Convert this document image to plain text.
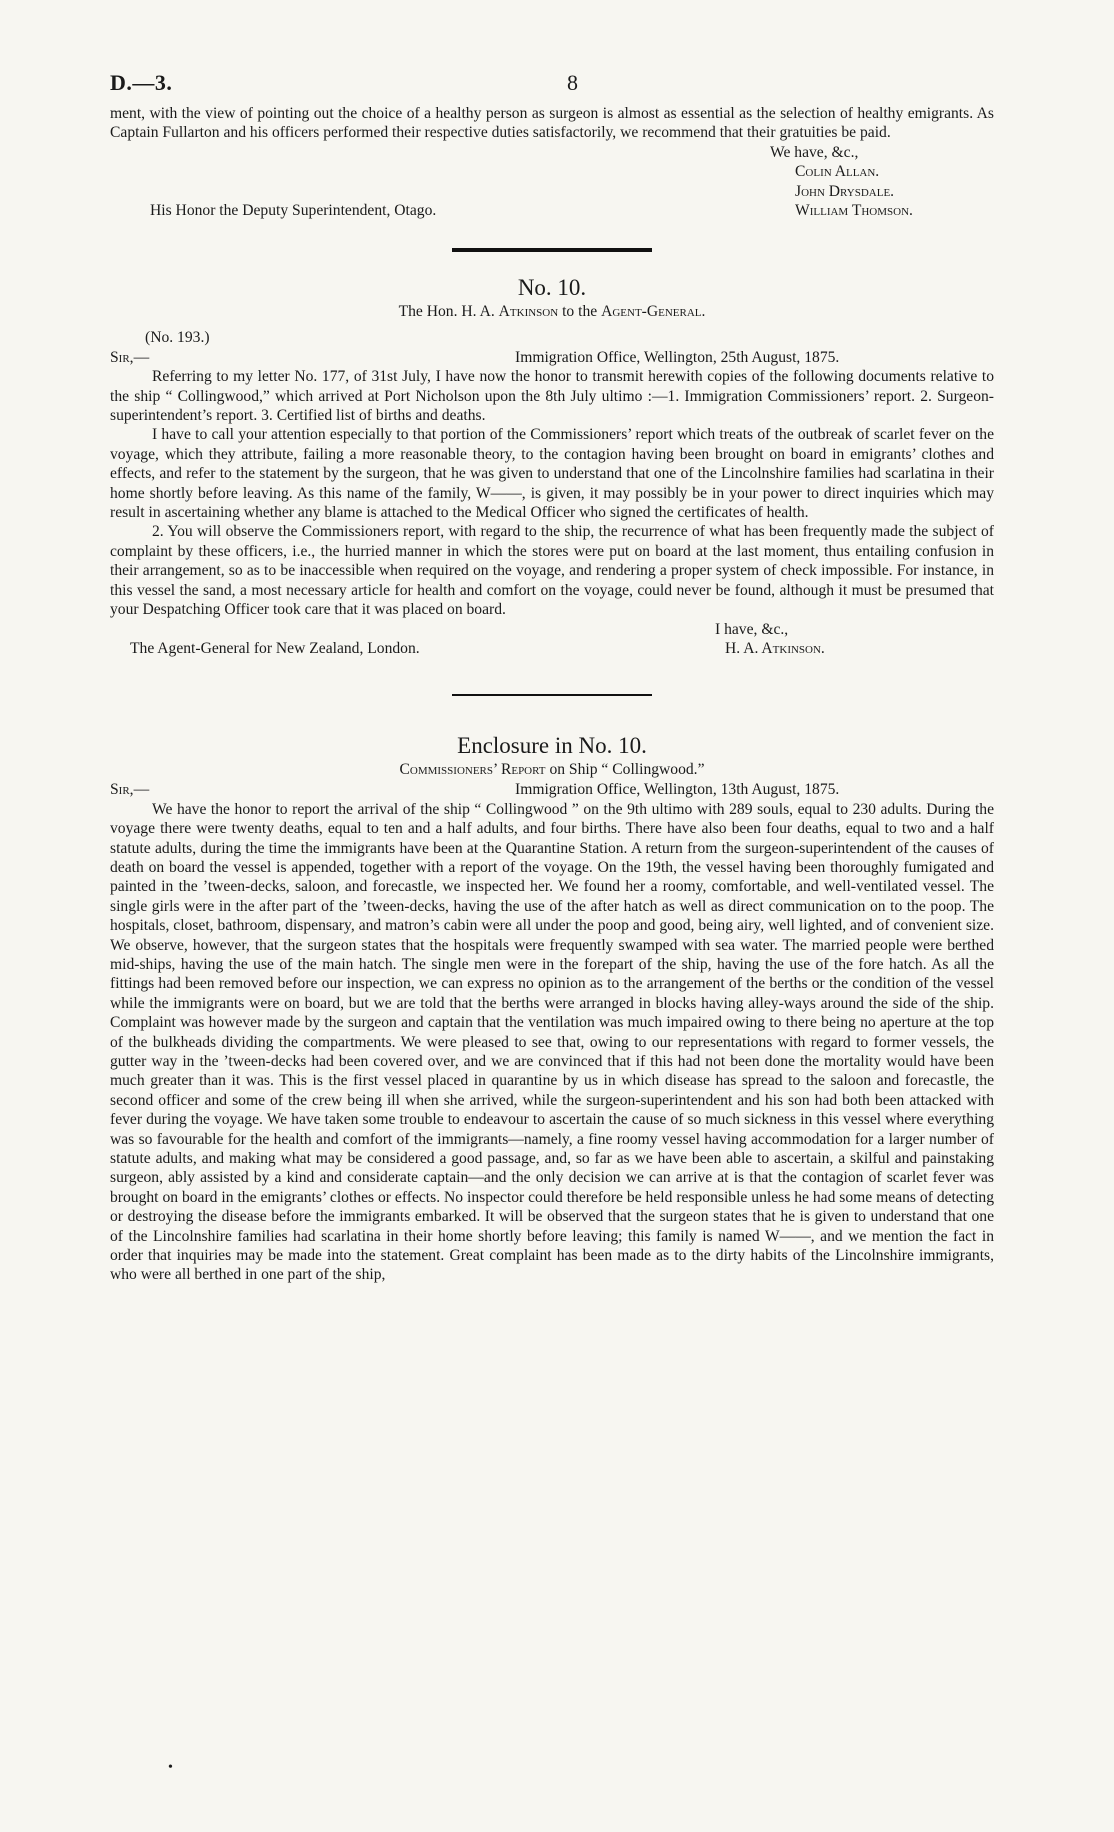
D.—3.	8

ment, with the view of pointing out the choice of a healthy person as surgeon is almost as essential as the selection of healthy emigrants. As Captain Fullarton and his officers performed their respective duties satisfactorily, we recommend that their gratuities be paid.

We have, &c.,
Colin Allan.
John Drysdale.
His Honor the Deputy Superintendent, Otago.	William Thomson.
No. 10.
The Hon. H. A. Atkinson to the Agent-General.
(No. 193.)
Sir,—	Immigration Office, Wellington, 25th August, 1875.

Referring to my letter No. 177, of 31st July, I have now the honor to transmit herewith copies of the following documents relative to the ship “ Collingwood,” which arrived at Port Nicholson upon the 8th July ultimo :—1. Immigration Commissioners’ report. 2. Surgeon-superintendent’s report. 3. Certified list of births and deaths.

I have to call your attention especially to that portion of the Commissioners’ report which treats of the outbreak of scarlet fever on the voyage, which they attribute, failing a more reasonable theory, to the contagion having been brought on board in emigrants’ clothes and effects, and refer to the statement by the surgeon, that he was given to understand that one of the Lincolnshire families had scarlatina in their home shortly before leaving. As this name of the family, W——, is given, it may possibly be in your power to direct inquiries which may result in ascertaining whether any blame is attached to the Medical Officer who signed the certificates of health.

2. You will observe the Commissioners report, with regard to the ship, the recurrence of what has been frequently made the subject of complaint by these officers, i.e., the hurried manner in which the stores were put on board at the last moment, thus entailing confusion in their arrangement, so as to be inaccessible when required on the voyage, and rendering a proper system of check impossible. For instance, in this vessel the sand, a most necessary article for health and comfort on the voyage, could never be found, although it must be presumed that your Despatching Officer took care that it was placed on board.

I have, &c.,
The Agent-General for New Zealand, London.	H. A. Atkinson.
Enclosure in No. 10.
Commissioners’ Report on Ship “ Collingwood.”
Sir,—	Immigration Office, Wellington, 13th August, 1875.

We have the honor to report the arrival of the ship “ Collingwood ” on the 9th ultimo with 289 souls, equal to 230 adults. During the voyage there were twenty deaths, equal to ten and a half adults, and four births. There have also been four deaths, equal to two and a half statute adults, during the time the immigrants have been at the Quarantine Station. A return from the surgeon-superintendent of the causes of death on board the vessel is appended, together with a report of the voyage. On the 19th, the vessel having been thoroughly fumigated and painted in the ’tween-decks, saloon, and forecastle, we inspected her. We found her a roomy, comfortable, and well-ventilated vessel. The single girls were in the after part of the ’tween-decks, having the use of the after hatch as well as direct communication on to the poop. The hospitals, closet, bathroom, dispensary, and matron’s cabin were all under the poop and good, being airy, well lighted, and of convenient size. We observe, however, that the surgeon states that the hospitals were frequently swamped with sea water. The married people were berthed mid-ships, having the use of the main hatch. The single men were in the forepart of the ship, having the use of the fore hatch. As all the fittings had been removed before our inspection, we can express no opinion as to the arrangement of the berths or the condition of the vessel while the immigrants were on board, but we are told that the berths were arranged in blocks having alley-ways around the side of the ship. Complaint was however made by the surgeon and captain that the ventilation was much impaired owing to there being no aperture at the top of the bulkheads dividing the compartments. We were pleased to see that, owing to our representations with regard to former vessels, the gutter way in the ’tween-decks had been covered over, and we are convinced that if this had not been done the mortality would have been much greater than it was. This is the first vessel placed in quarantine by us in which disease has spread to the saloon and forecastle, the second officer and some of the crew being ill when she arrived, while the surgeon-superintendent and his son had both been attacked with fever during the voyage. We have taken some trouble to endeavour to ascertain the cause of so much sickness in this vessel where everything was so favourable for the health and comfort of the immigrants—namely, a fine roomy vessel having accommodation for a larger number of statute adults, and making what may be considered a good passage, and, so far as we have been able to ascertain, a skilful and painstaking surgeon, ably assisted by a kind and considerate captain—and the only decision we can arrive at is that the contagion of scarlet fever was brought on board in the emigrants’ clothes or effects. No inspector could therefore be held responsible unless he had some means of detecting or destroying the disease before the immigrants embarked. It will be observed that the surgeon states that he is given to understand that one of the Lincolnshire families had scarlatina in their home shortly before leaving; this family is named W——, and we mention the fact in order that inquiries may be made into the statement. Great complaint has been made as to the dirty habits of the Lincolnshire immigrants, who were all berthed in one part of the ship,

•
